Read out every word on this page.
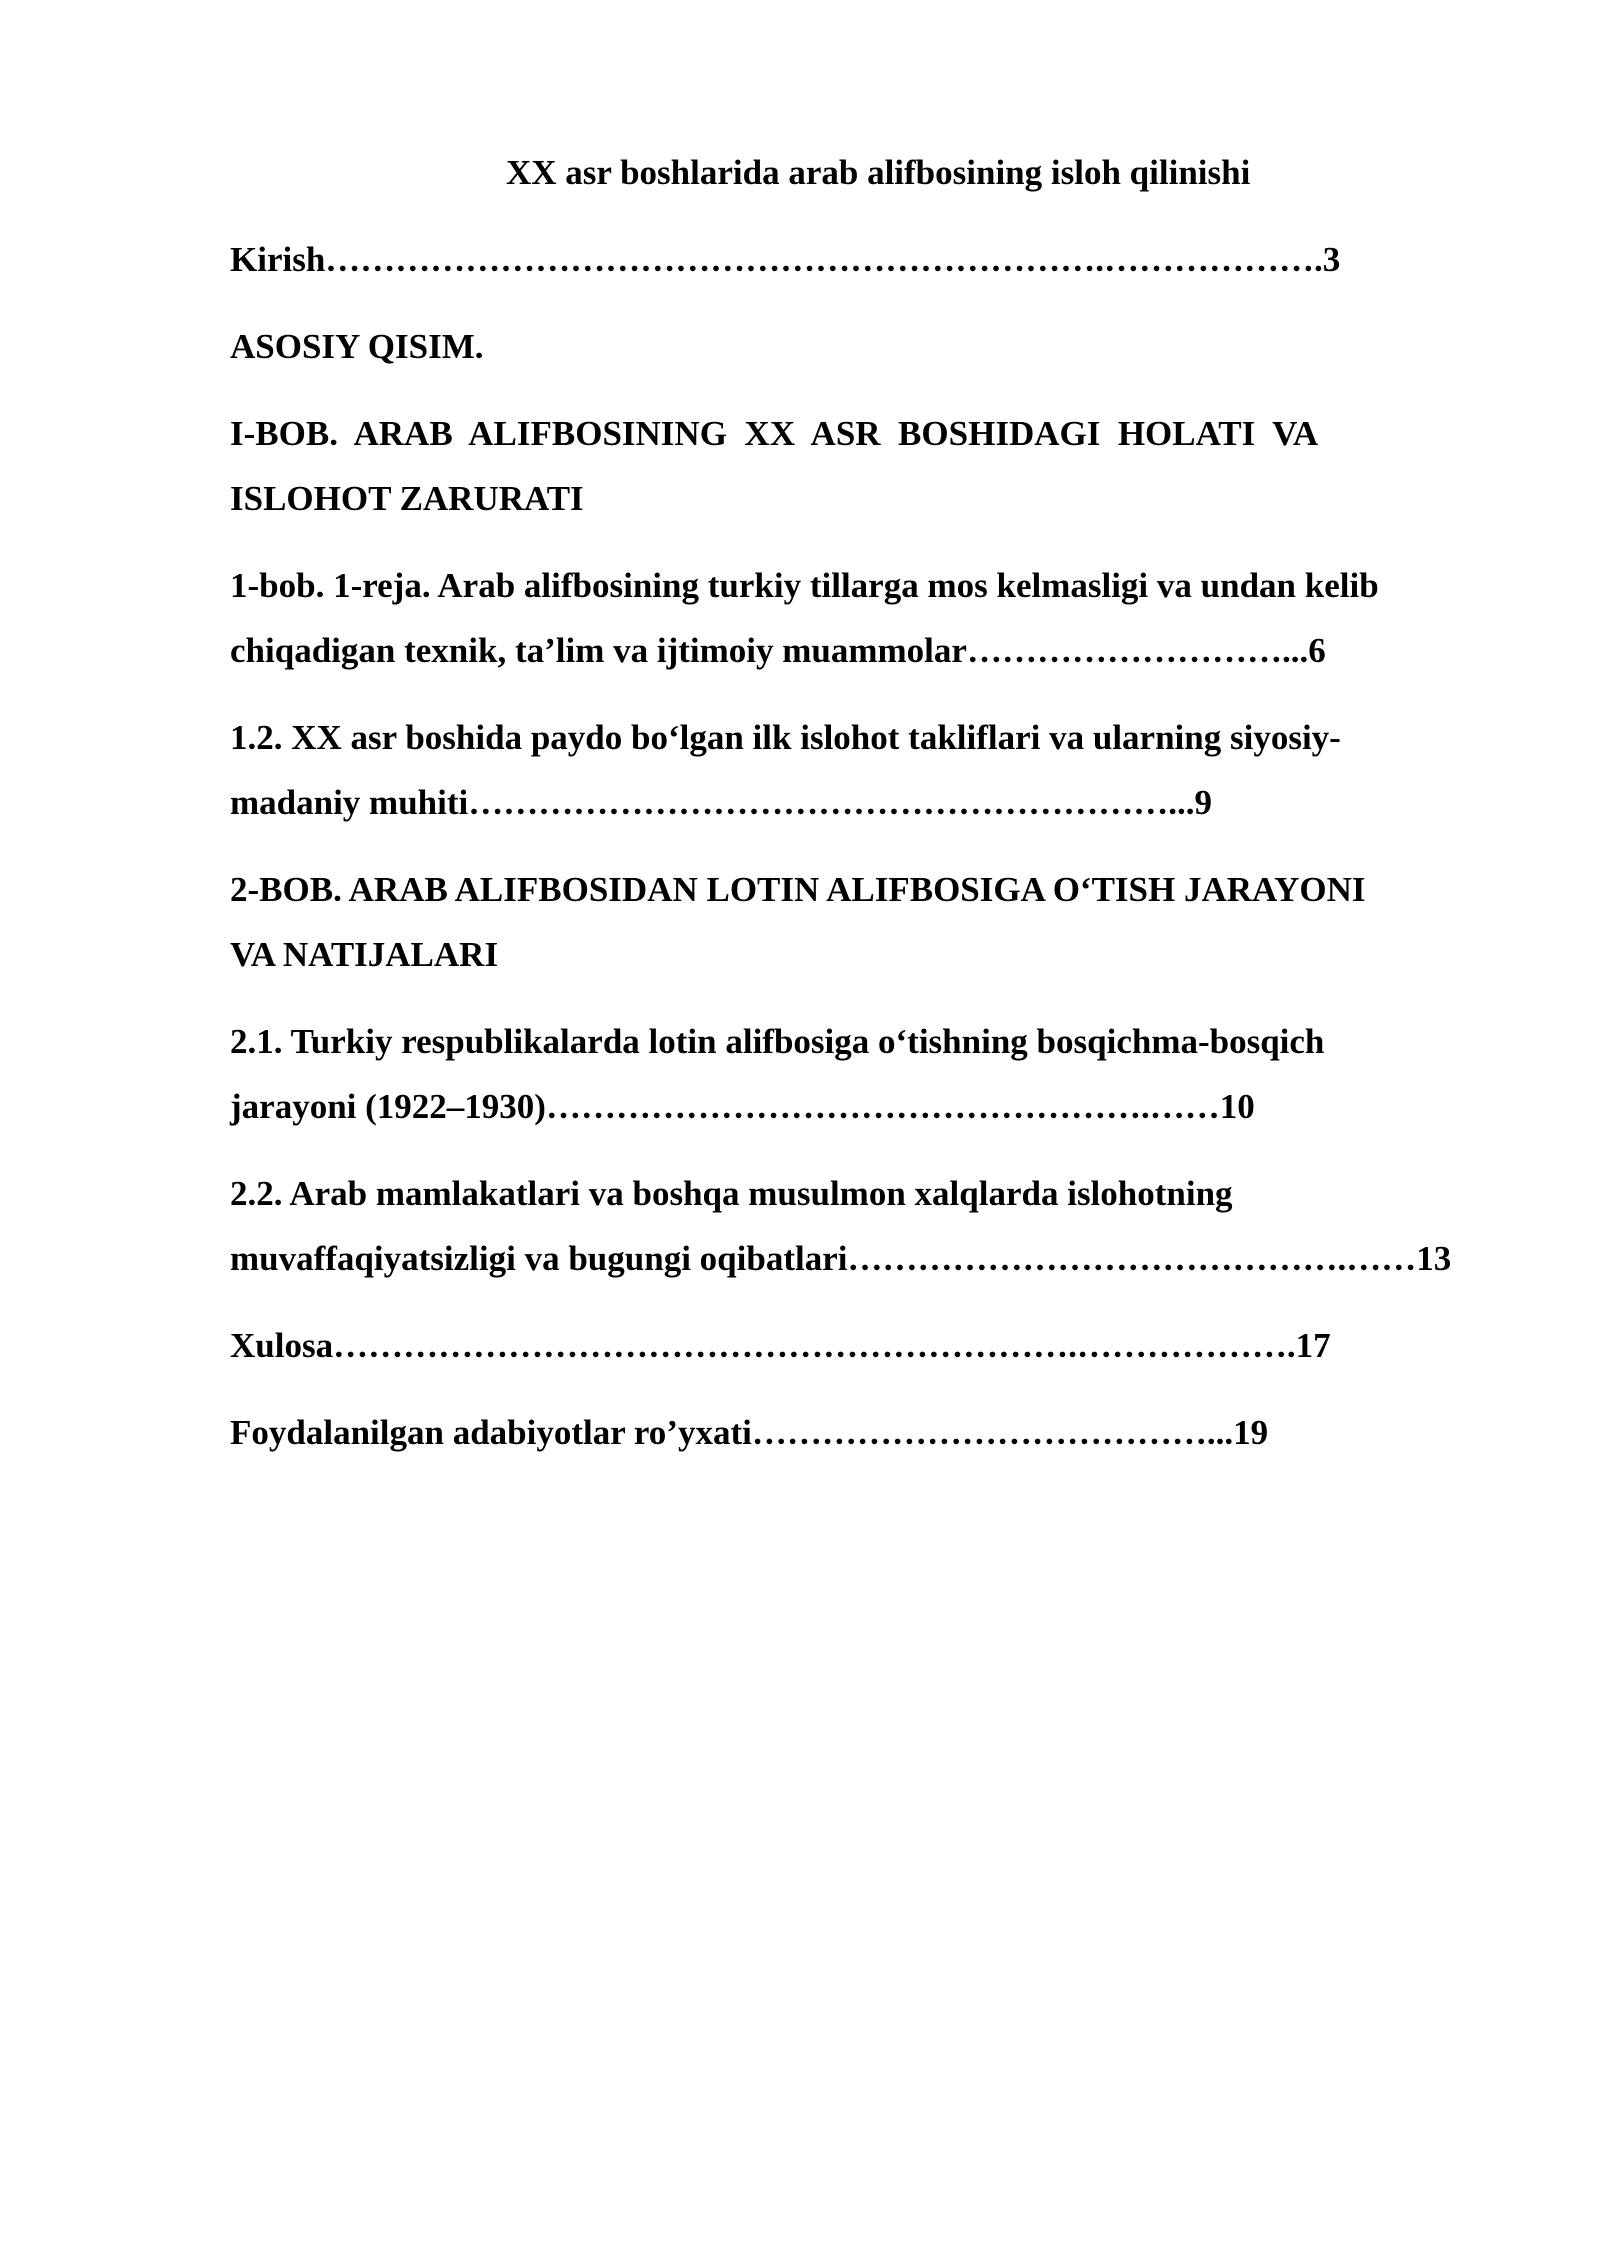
XX asr boshlarida arab alifbosining isloh qilinishi
Kirish………………………………………………………….……………….3
ASOSIY QISIM.
I-BOB.  ARAB  ALIFBOSINING  XX  ASR  BOSHIDAGI  HOLATI  VA
ISLOHOT ZARURATI
1-bob. 1-reja. Arab alifbosining turkiy tillarga mos kelmasligi va undan kelib
chiqadigan texnik, ta’lim va ijtimoiy muammolar………………………...6
1.2. XX asr boshida paydo bo‘lgan ilk islohot takliflari va ularning siyosiy-
madaniy muhiti……………………………………………………...9
2-BOB. ARAB ALIFBOSIDAN LOTIN ALIFBOSIGA O‘TISH JARAYONI
VA NATIJALARI
2.1. Turkiy respublikalarda lotin alifbosiga o‘tishning bosqichma-bosqich
jarayoni (1922–1930)…………………………………………….……10
2.2. Arab mamlakatlari va boshqa musulmon xalqlarda islohotning
muvaffaqiyatsizligi va bugungi oqibatlari…………………………………….……13
Xulosa……………………………………………………….……………….17
Foydalanilgan adabiyotlar ro’yxati…………………………………...19
